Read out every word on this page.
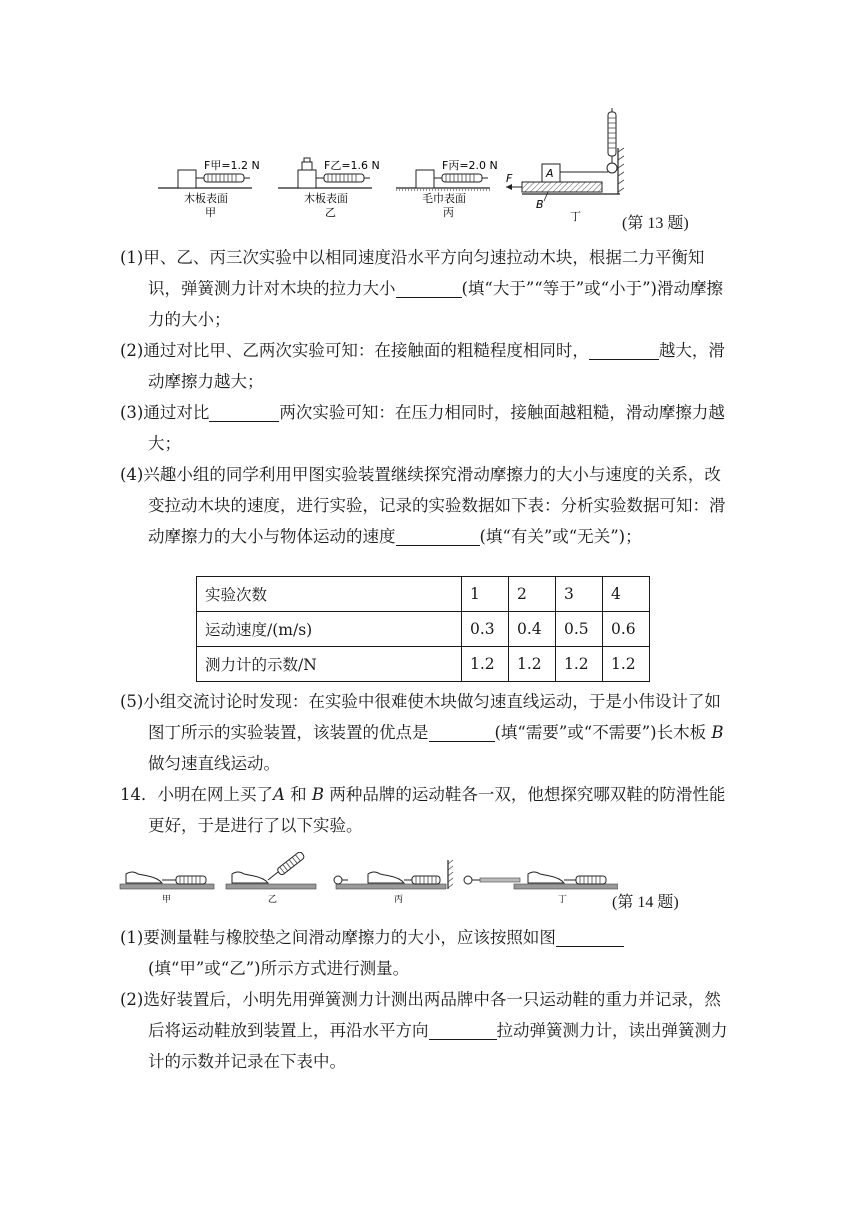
F甲=1.2 N
木板表面
甲
F乙=1.6 N
木板表面
乙
F丙=2.0 N
毛巾表面
丙
A
F
B
丁	(第 13 题)

(1)甲、乙、丙三次实验中以相同速度沿水平方向匀速拉动木块，根据二力平衡知识，弹簧测力计对木块的拉力大小	(填“大于”“等于”或“小于”)滑动摩擦力的大小；

(2)通过对比甲、乙两次实验可知：在接触面的粗糙程度相同时，	越大，滑动摩擦力越大；

(3)通过对比	两次实验可知：在压力相同时，接触面越粗糙，滑动摩擦力越大；

(4)兴趣小组的同学利用甲图实验装置继续探究滑动摩擦力的大小与速度的关系，改变拉动木块的速度，进行实验，记录的实验数据如下表：分析实验数据可知：滑动摩擦力的大小与物体运动的速度	(填“有关”或“无关”)；

实验次数	1	2	3	4
运动速度/(m/s)	0.3	0.4	0.5	0.6
测力计的示数/N	1.2	1.2	1.2	1.2

(5)小组交流讨论时发现：在实验中很难使木块做匀速直线运动，于是小伟设计了如图丁所示的实验装置，该装置的优点是	(填“需要”或“不需要”)长木板 B 做匀速直线运动。

14．小明在网上买了A 和 B 两种品牌的运动鞋各一双，他想探究哪双鞋的防滑性能更好，于是进行了以下实验。

甲	乙	丙	丁	(第 14 题)

(1)要测量鞋与橡胶垫之间滑动摩擦力的大小，应该按照如图(填“甲”或“乙”)所示方式进行测量。

(2)选好装置后，小明先用弹簧测力计测出两品牌中各一只运动鞋的重力并记录，然后将运动鞋放到装置上，再沿水平方向	拉动弹簧测力计，读出弹簧测力计的示数并记录在下表中。
